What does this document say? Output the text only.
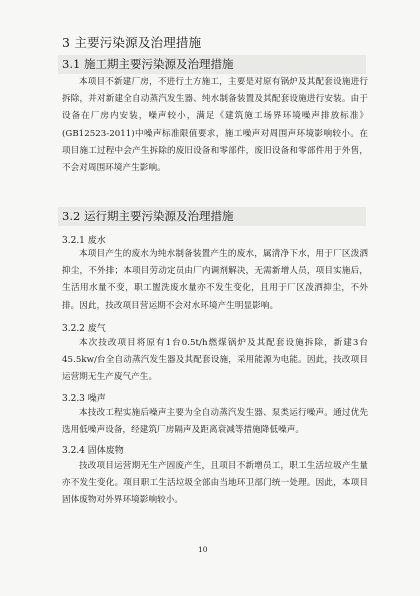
3 主要污染源及治理措施
3.1 施工期主要污染源及治理措施
本项目不新建厂房，不进行土方施工，主要是对原有锅炉及其配套设施进行拆除，并对新建全自动蒸汽发生器、纯水制备装置及其配套设施进行安装。由于设备在厂房内安装，噪声较小，满足《建筑施工场界环境噪声排放标准》(GB12523-2011)中噪声标准限值要求，施工噪声对周围声环境影响较小。在项目施工过程中会产生拆除的废旧设备和零部件，废旧设备和零部件用于外售，不会对周围环境产生影响。
3.2 运行期主要污染源及治理措施
3.2.1 废水
本项目产生的废水为纯水制备装置产生的废水，属清净下水，用于厂区泼洒抑尘，不外排；本项目劳动定员由厂内调剂解决，无需新增人员，项目实施后，生活用水量不变，职工盥洗废水量亦不发生变化，且用于厂区泼洒抑尘，不外排。因此，技改项目营运期不会对水环境产生明显影响。
3.2.2 废气
本次技改项目将原有1台0.5t/h燃煤锅炉及其配套设施拆除，新建3台45.5kw/台全自动蒸汽发生器及其配套设施，采用能源为电能。因此，技改项目运营期无生产废气产生。
3.2.3 噪声
本技改工程实施后噪声主要为全自动蒸汽发生器、泵类运行噪声。通过优先选用低噪声设备，经建筑厂房隔声及距离衰减等措施降低噪声。
3.2.4 固体废物
技改项目运营期无生产固废产生，且项目不新增员工，职工生活垃圾产生量亦不发生变化。项目职工生活垃圾全部由当地环卫部门统一处理。因此，本项目固体废物对外界环境影响较小。
10
